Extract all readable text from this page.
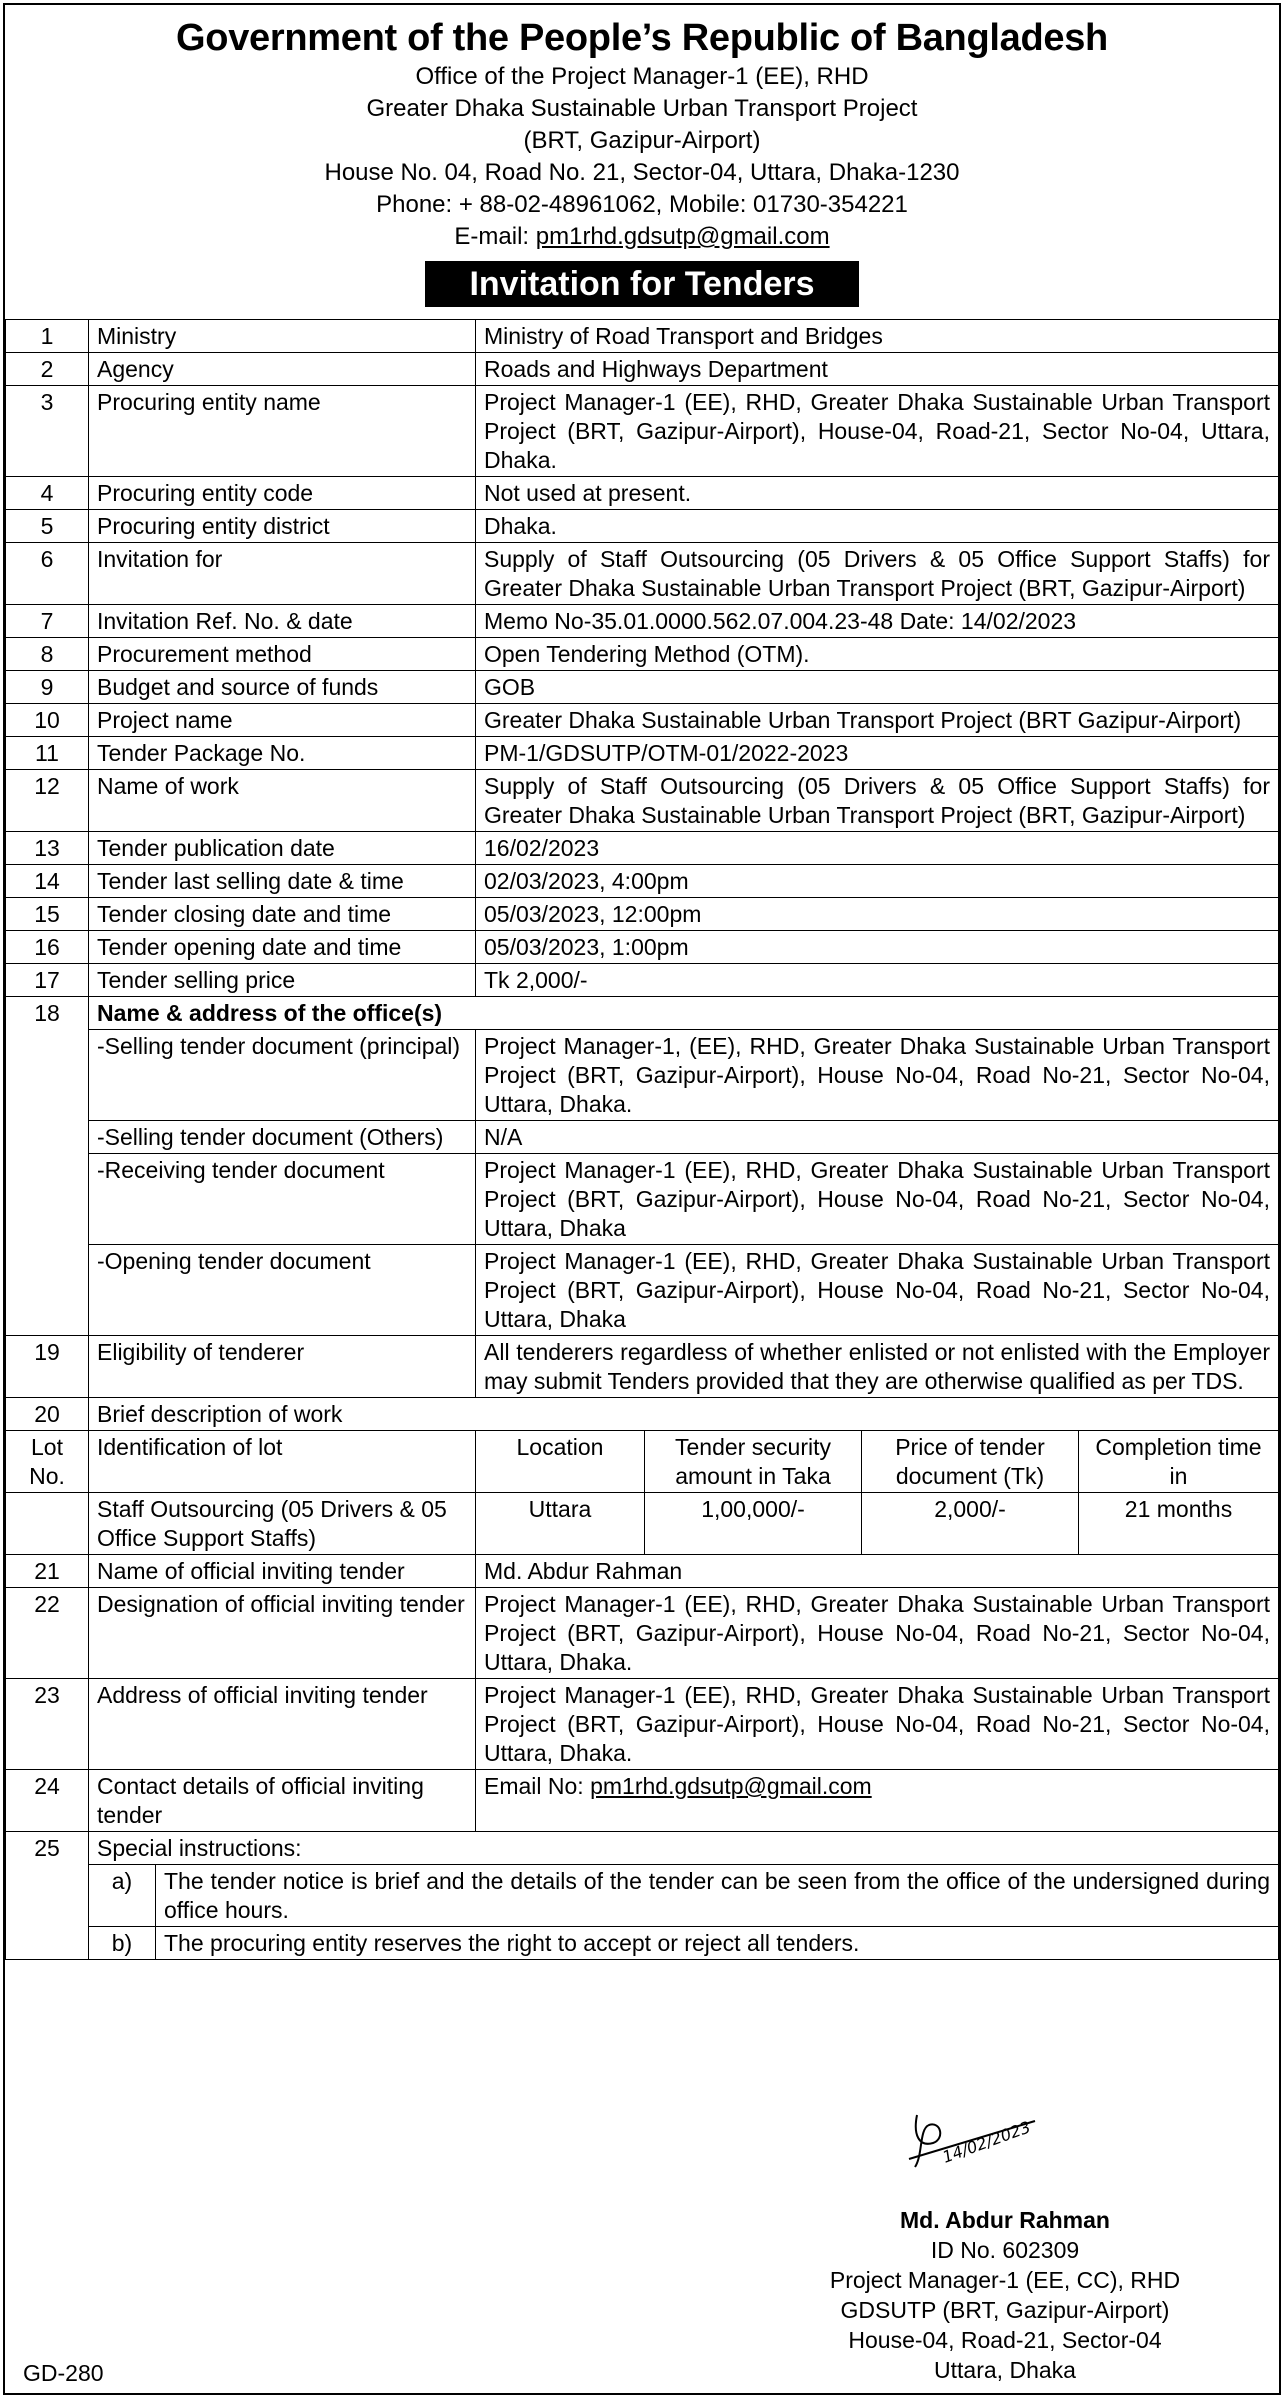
Government of the People’s Republic of Bangladesh
Office of the Project Manager-1 (EE), RHD
Greater Dhaka Sustainable Urban Transport Project
(BRT, Gazipur-Airport)
House No. 04, Road No. 21, Sector-04, Uttara, Dhaka-1230
Phone: + 88-02-48961062, Mobile: 01730-354221
E-mail: pm1rhd.gdsutp@gmail.com
Invitation for Tenders
1	Ministry	Ministry of Road Transport and Bridges
2	Agency	Roads and Highways Department
3	Procuring entity name	Project Manager-1 (EE), RHD, Greater Dhaka Sustainable Urban Transport Project (BRT, Gazipur-Airport), House-04, Road-21, Sector No-04, Uttara, Dhaka.
4	Procuring entity code	Not used at present.
5	Procuring entity district	Dhaka.
6	Invitation for	Supply of Staff Outsourcing (05 Drivers & 05 Office Support Staffs) for Greater Dhaka Sustainable Urban Transport Project (BRT, Gazipur-Airport)
7	Invitation Ref. No. & date	Memo No-35.01.0000.562.07.004.23-48 Date: 14/02/2023
8	Procurement method	Open Tendering Method (OTM).
9	Budget and source of funds	GOB
10	Project name	Greater Dhaka Sustainable Urban Transport Project (BRT Gazipur-Airport)
11	Tender Package No.	PM-1/GDSUTP/OTM-01/2022-2023
12	Name of work	Supply of Staff Outsourcing (05 Drivers & 05 Office Support Staffs) for Greater Dhaka Sustainable Urban Transport Project (BRT, Gazipur-Airport)
13	Tender publication date	16/02/2023
14	Tender last selling date & time	02/03/2023, 4:00pm
15	Tender closing date and time	05/03/2023, 12:00pm
16	Tender opening date and time	05/03/2023, 1:00pm
17	Tender selling price	Tk 2,000/-
18	Name & address of the office(s)
-Selling tender document (principal)	Project Manager-1, (EE), RHD, Greater Dhaka Sustainable Urban Transport Project (BRT, Gazipur-Airport), House No-04, Road No-21, Sector No-04, Uttara, Dhaka.
-Selling tender document (Others)	N/A
-Receiving tender document	Project Manager-1 (EE), RHD, Greater Dhaka Sustainable Urban Transport Project (BRT, Gazipur-Airport), House No-04, Road No-21, Sector No-04, Uttara, Dhaka
-Opening tender document	Project Manager-1 (EE), RHD, Greater Dhaka Sustainable Urban Transport Project (BRT, Gazipur-Airport), House No-04, Road No-21, Sector No-04, Uttara, Dhaka
19	Eligibility of tenderer	All tenderers regardless of whether enlisted or not enlisted with the Employer may submit Tenders provided that they are otherwise qualified as per TDS.
20	Brief description of work
Lot No.	Identification of lot	Location	Tender security amount in Taka	Price of tender document (Tk)	Completion time in
	Staff Outsourcing (05 Drivers & 05 Office Support Staffs)	Uttara	1,00,000/-	2,000/-	21 months
21	Name of official inviting tender	Md. Abdur Rahman
22	Designation of official inviting tender	Project Manager-1 (EE), RHD, Greater Dhaka Sustainable Urban Transport Project (BRT, Gazipur-Airport), House No-04, Road No-21, Sector No-04, Uttara, Dhaka.
23	Address of official inviting tender	Project Manager-1 (EE), RHD, Greater Dhaka Sustainable Urban Transport Project (BRT, Gazipur-Airport), House No-04, Road No-21, Sector No-04, Uttara, Dhaka.
24	Contact details of official inviting tender	Email No: pm1rhd.gdsutp@gmail.com
25	Special instructions:

a)	The tender notice is brief and the details of the tender can be seen from the office of the undersigned during office hours.

b)	The procuring entity reserves the right to accept or reject all tenders.
14/02/2023
Md. Abdur Rahman
ID No. 602309
Project Manager-1 (EE, CC), RHD
GDSUTP (BRT, Gazipur-Airport)
House-04, Road-21, Sector-04
Uttara, Dhaka
GD-280
